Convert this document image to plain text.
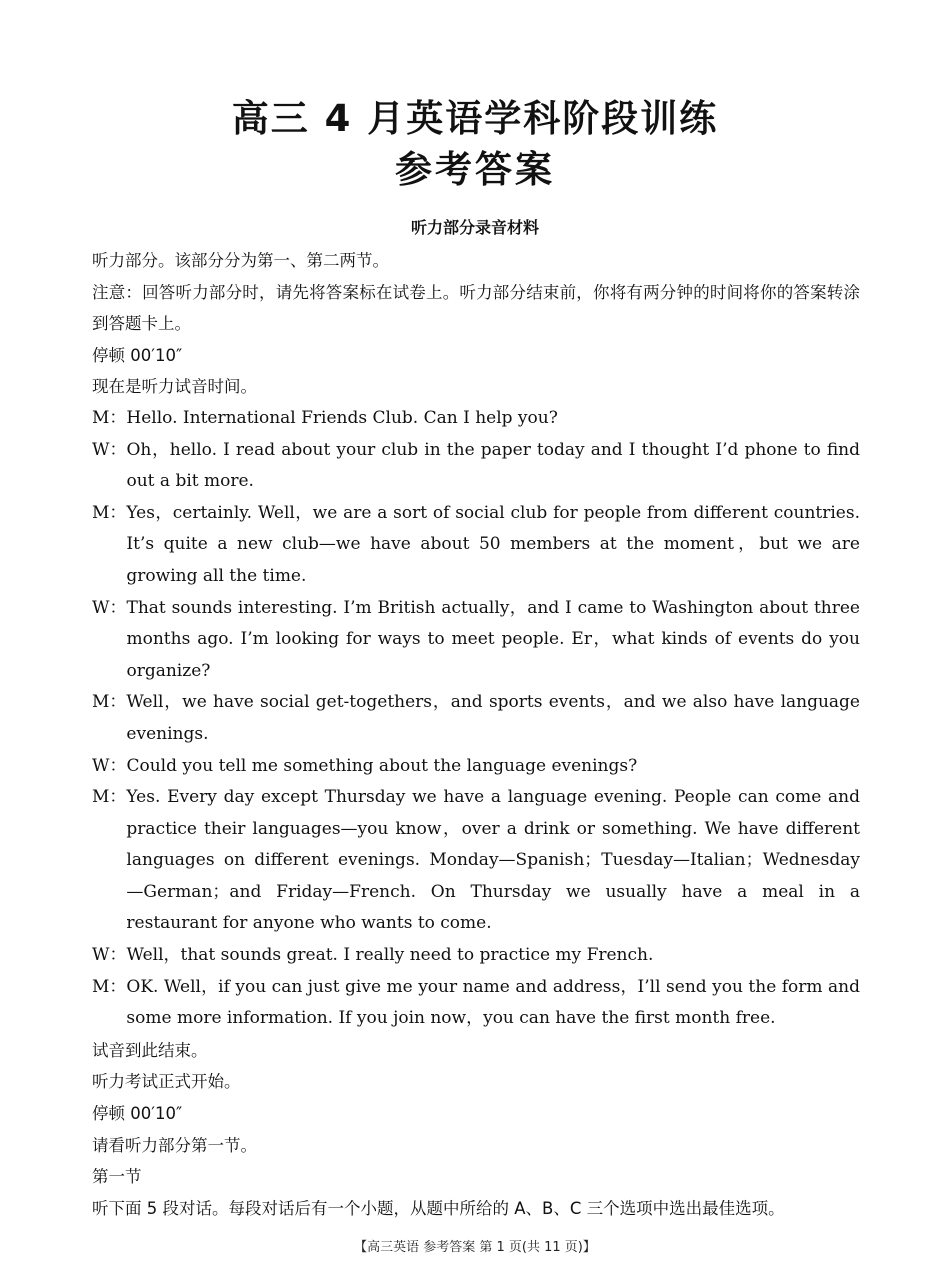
高三 4 月英语学科阶段训练
参考答案
听力部分录音材料
听力部分。该部分分为第一、第二两节。
注意：回答听力部分时，请先将答案标在试卷上。听力部分结束前，你将有两分钟的时间将你的答案转涂到答题卡上。
停顿 00′10″
现在是听力试音时间。
M： Hello. International Friends Club. Can I help you?
W： Oh，hello. I read about your club in the paper today and I thought I’d phone to find out a bit more.
M： Yes，certainly. Well，we are a sort of social club for people from different countries. It’s quite a new club—we have about 50 members at the moment，but we are growing all the time.
W： That sounds interesting. I’m British actually，and I came to Washington about three months ago. I’m looking for ways to meet people. Er，what kinds of events do you organize?
M： Well，we have social get-togethers，and sports events，and we also have language evenings.
W： Could you tell me something about the language evenings?
M： Yes. Every day except Thursday we have a language evening. People can come and practice their languages—you know，over a drink or something. We have different languages on different evenings. Monday—Spanish；Tuesday—Italian；Wednesday—German；and Friday—French. On Thursday we usually have a meal in a restaurant for anyone who wants to come.
W： Well，that sounds great. I really need to practice my French.
M： OK. Well，if you can just give me your name and address，I’ll send you the form and some more information. If you join now，you can have the first month free.
试音到此结束。
听力考试正式开始。
停顿 00′10″
请看听力部分第一节。
第一节
听下面 5 段对话。每段对话后有一个小题，从题中所给的 A、B、C 三个选项中选出最佳选项。
【高三英语 参考答案 第 1 页(共 11 页)】
